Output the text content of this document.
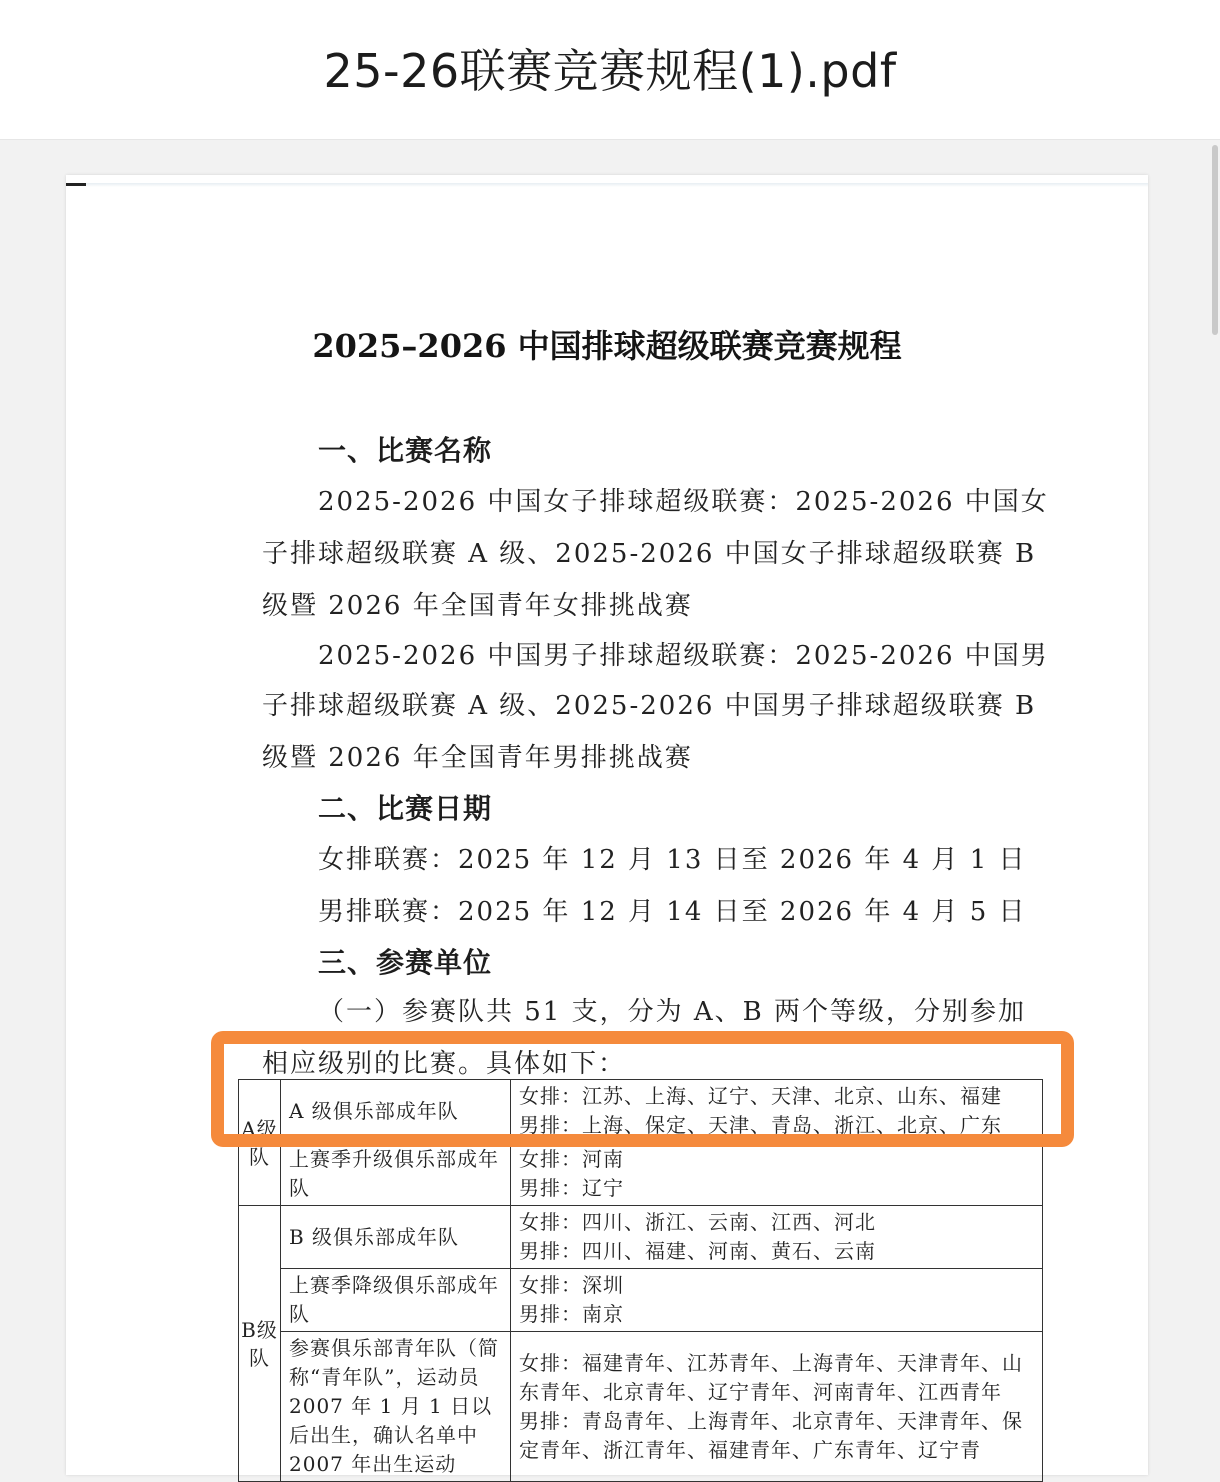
25-26联赛竞赛规程(1).pdf
2025–2026 中国排球超级联赛竞赛规程
一、比赛名称
2025-2026 中国女子排球超级联赛：2025-2026 中国女
子排球超级联赛 A 级、2025-2026 中国女子排球超级联赛 B
级暨 2026 年全国青年女排挑战赛
2025-2026 中国男子排球超级联赛：2025-2026 中国男
子排球超级联赛 A 级、2025-2026 中国男子排球超级联赛 B
级暨 2026 年全国青年男排挑战赛
二、比赛日期
女排联赛：2025 年 12 月 13 日至 2026 年 4 月 1 日
男排联赛：2025 年 12 月 14 日至 2026 年 4 月 5 日
三、参赛单位
（一）参赛队共 51 支，分为 A、B 两个等级，分别参加
相应级别的比赛。具体如下：
A级队	A 级俱乐部成年队	女排：江苏、上海、辽宁、天津、北京、山东、福建
男排：上海、保定、天津、青岛、浙江、北京、广东

	上赛季升级俱乐部成年队	女排：河南
男排：辽宁

B级队	B 级俱乐部成年队	女排：四川、浙江、云南、江西、河北
男排：四川、福建、河南、黄石、云南

	上赛季降级俱乐部成年队	女排：深圳
男排：南京

	参赛俱乐部青年队（简称“青年队”，运动员 2007 年 1 月 1 日以后出生，确认名单中 2007 年出生运动	女排：福建青年、江苏青年、上海青年、天津青年、山东青年、北京青年、辽宁青年、河南青年、江西青年
男排：青岛青年、上海青年、北京青年、天津青年、保定青年、浙江青年、福建青年、广东青年、辽宁青
